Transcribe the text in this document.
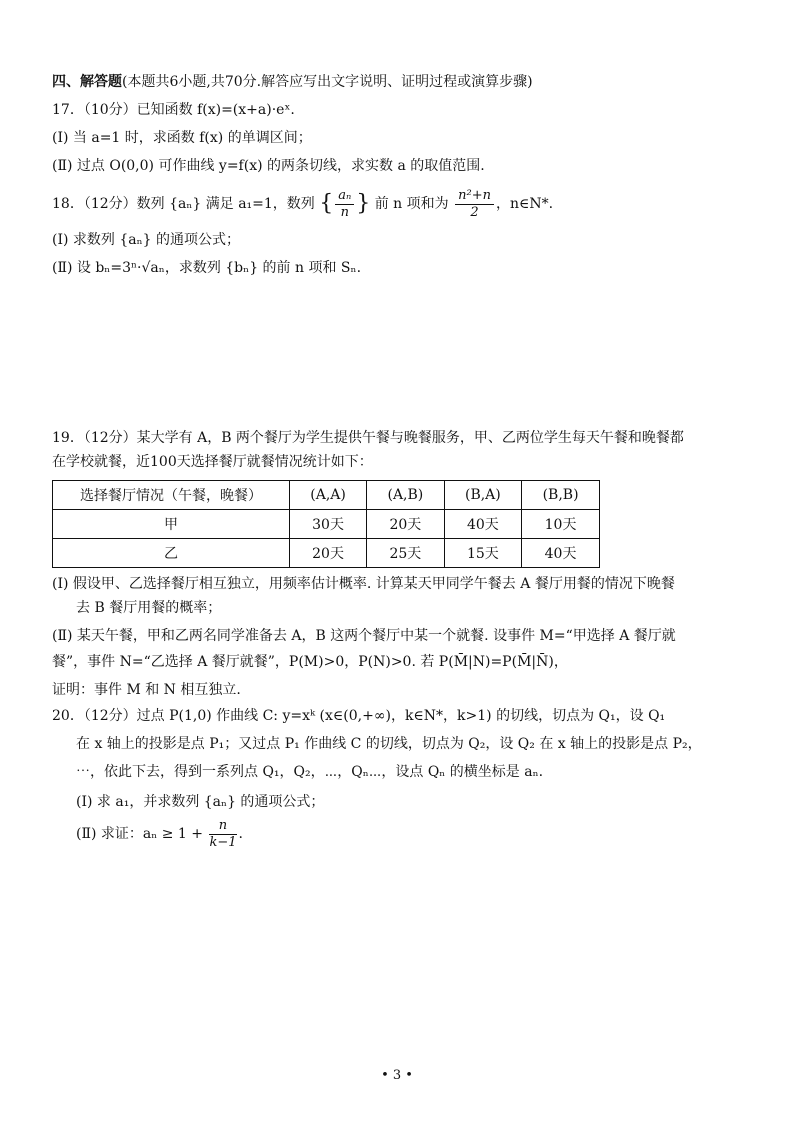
四、解答题(本题共6小题,共70分.解答应写出文字说明、证明过程或演算步骤)
17．（10分）已知函数 f(x)=(x+a)·eˣ.
(Ⅰ) 当 a=1 时，求函数 f(x) 的单调区间；
(Ⅱ) 过点 O(0,0) 可作曲线 y=f(x) 的两条切线，求实数 a 的取值范围.
18．（12分）数列 {aₙ} 满足 a₁=1，数列 { $\frac{\text{aₙ}}{n}$ } 前 n 项和为 $\frac{\text{n²+n}}{2}$ ，n∈N*.
(Ⅰ) 求数列 {aₙ} 的通项公式；
(Ⅱ) 设 bₙ=3ⁿ·√aₙ，求数列 {bₙ} 的前 n 项和 Sₙ.
19．（12分）某大学有 A，B 两个餐厅为学生提供午餐与晚餐服务，甲、乙两位学生每天午餐和晚餐都
在学校就餐，近100天选择餐厅就餐情况统计如下：
选择餐厅情况（午餐，晚餐）	(A,A)	(A,B)	(B,A)	(B,B)
甲	30天	20天	40天	10天
乙	20天	25天	15天	40天
(Ⅰ) 假设甲、乙选择餐厅相互独立，用频率估计概率. 计算某天甲同学午餐去 A 餐厅用餐的情况下晚餐
去 B 餐厅用餐的概率；
(Ⅱ) 某天午餐，甲和乙两名同学准备去 A，B 这两个餐厅中某一个就餐. 设事件 M=“甲选择 A 餐厅就
餐”，事件 N=“乙选择 A 餐厅就餐”，P(M)>0，P(N)>0. 若 P(M̄|N)=P(M̄|N̄)，
证明：事件 M 和 N 相互独立.
20．（12分）过点 P(1,0) 作曲线 C: y=xᵏ (x∈(0,+∞)，k∈N*，k>1) 的切线，切点为 Q₁，设 Q₁
在 x 轴上的投影是点 P₁；又过点 P₁ 作曲线 C 的切线，切点为 Q₂，设 Q₂ 在 x 轴上的投影是点 P₂，
⋯，依此下去，得到一系列点 Q₁，Q₂，⋯，Qₙ⋯，设点 Qₙ 的横坐标是 aₙ.
(Ⅰ) 求 a₁，并求数列 {aₙ} 的通项公式；
(Ⅱ) 求证：$a_n \ge 1 + \frac{n}{k-1}$ .
• 3 •
